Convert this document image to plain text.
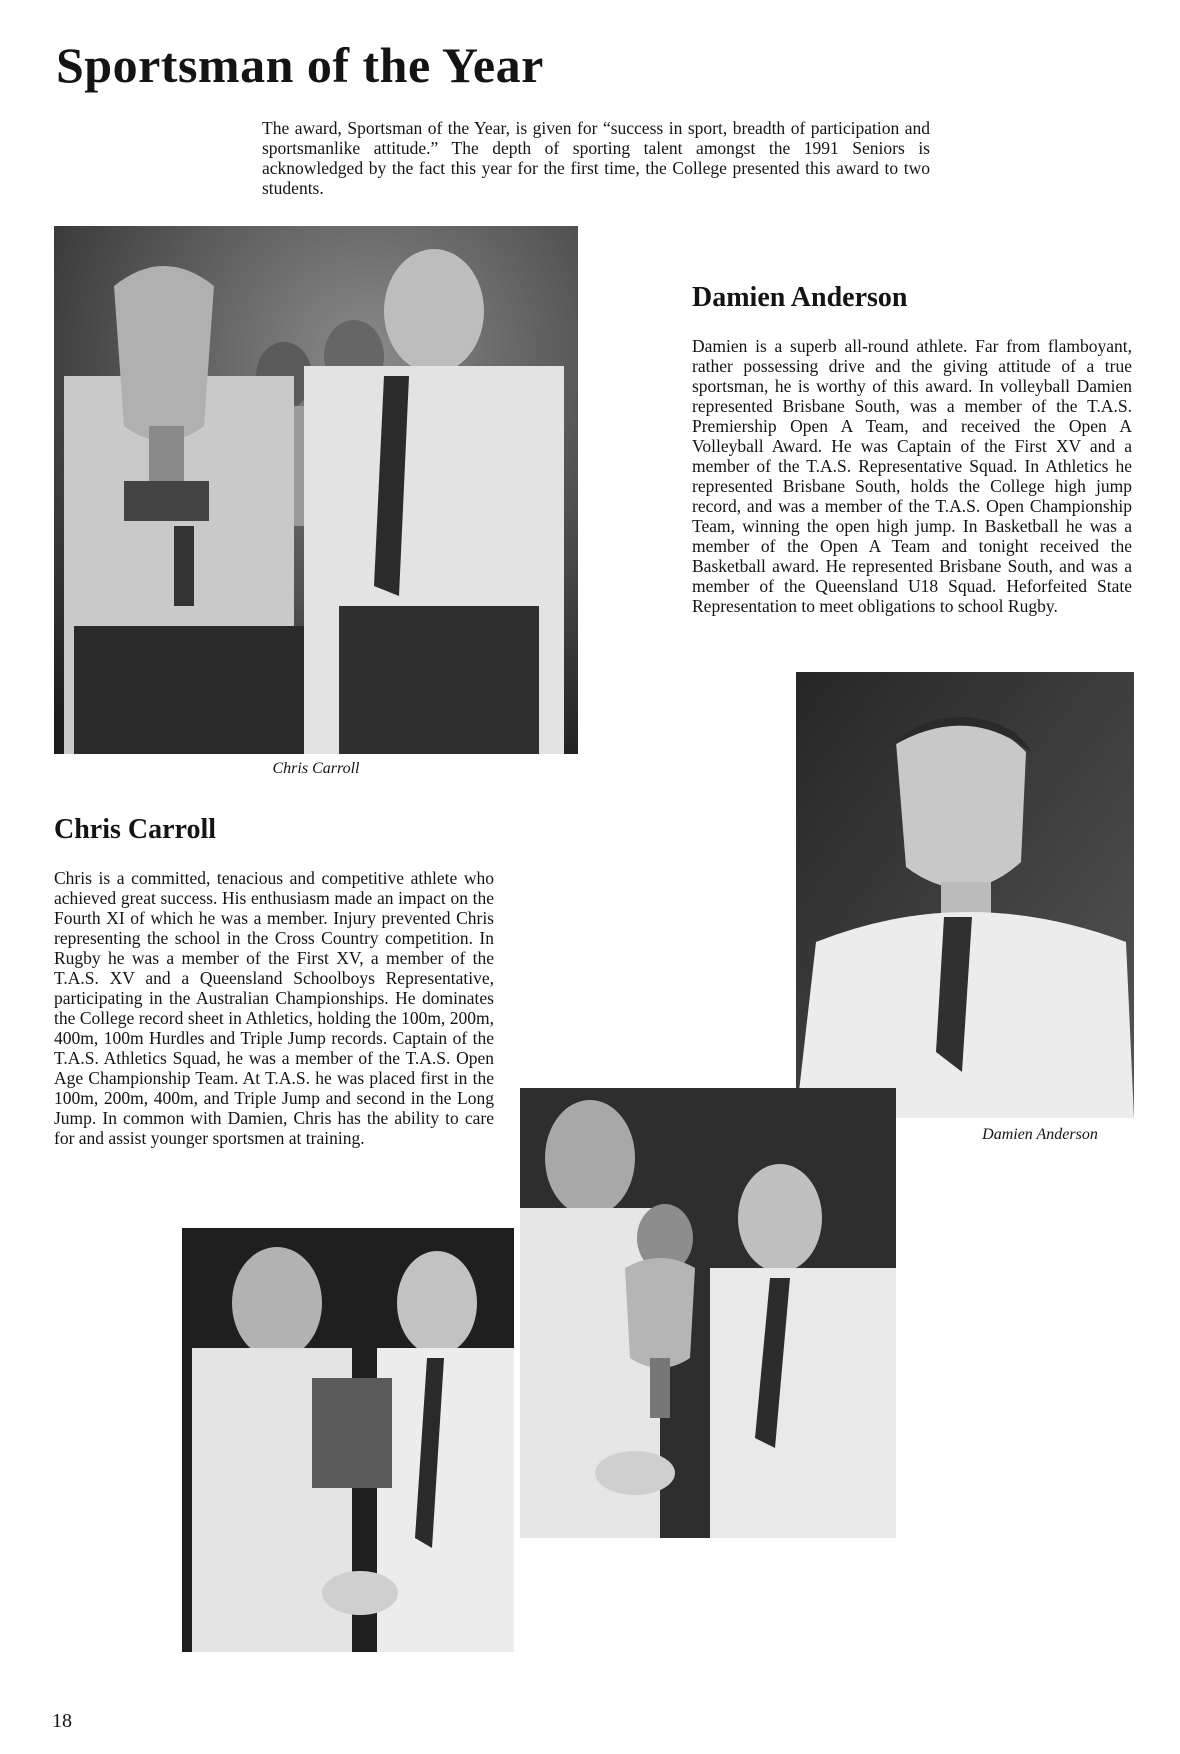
Sportsman of the Year

The award, Sportsman of the Year, is given for “success in sport, breadth of participation and sportsmanlike attitude.” The depth of sporting talent amongst the 1991 Seniors is acknowledged by the fact this year for the first time, the College presented this award to two students.

Chris Carroll
Damien Anderson

Damien is a superb all-round athlete. Far from flamboyant, rather possessing drive and the giving attitude of a true sportsman, he is worthy of this award. In volleyball Damien represented Brisbane South, was a member of the T.A.S. Premiership Open A Team, and received the Open A Volleyball Award. He was Captain of the First XV and a member of the T.A.S. Representative Squad. In Athletics he represented Brisbane South, holds the College high jump record, and was a member of the T.A.S. Open Championship Team, winning the open high jump. In Basketball he was a member of the Open A Team and tonight received the Basketball award. He represented Brisbane South, and was a member of the Queensland U18 Squad. Heforfeited State Representation to meet obligations to school Rugby.

Damien Anderson
Chris Carroll

Chris is a committed, tenacious and competitive athlete who achieved great success. His enthusiasm made an impact on the Fourth XI of which he was a member. Injury prevented Chris representing the school in the Cross Country competition. In Rugby he was a member of the First XV, a member of the T.A.S. XV and a Queensland Schoolboys Representative, participating in the Australian Championships. He dominates the College record sheet in Athletics, holding the 100m, 200m, 400m, 100m Hurdles and Triple Jump records. Captain of the T.A.S. Athletics Squad, he was a member of the T.A.S. Open Age Championship Team. At T.A.S. he was placed first in the 100m, 200m, 400m, and Triple Jump and second in the Long Jump. In common with Damien, Chris has the ability to care for and assist younger sportsmen at training.

18
